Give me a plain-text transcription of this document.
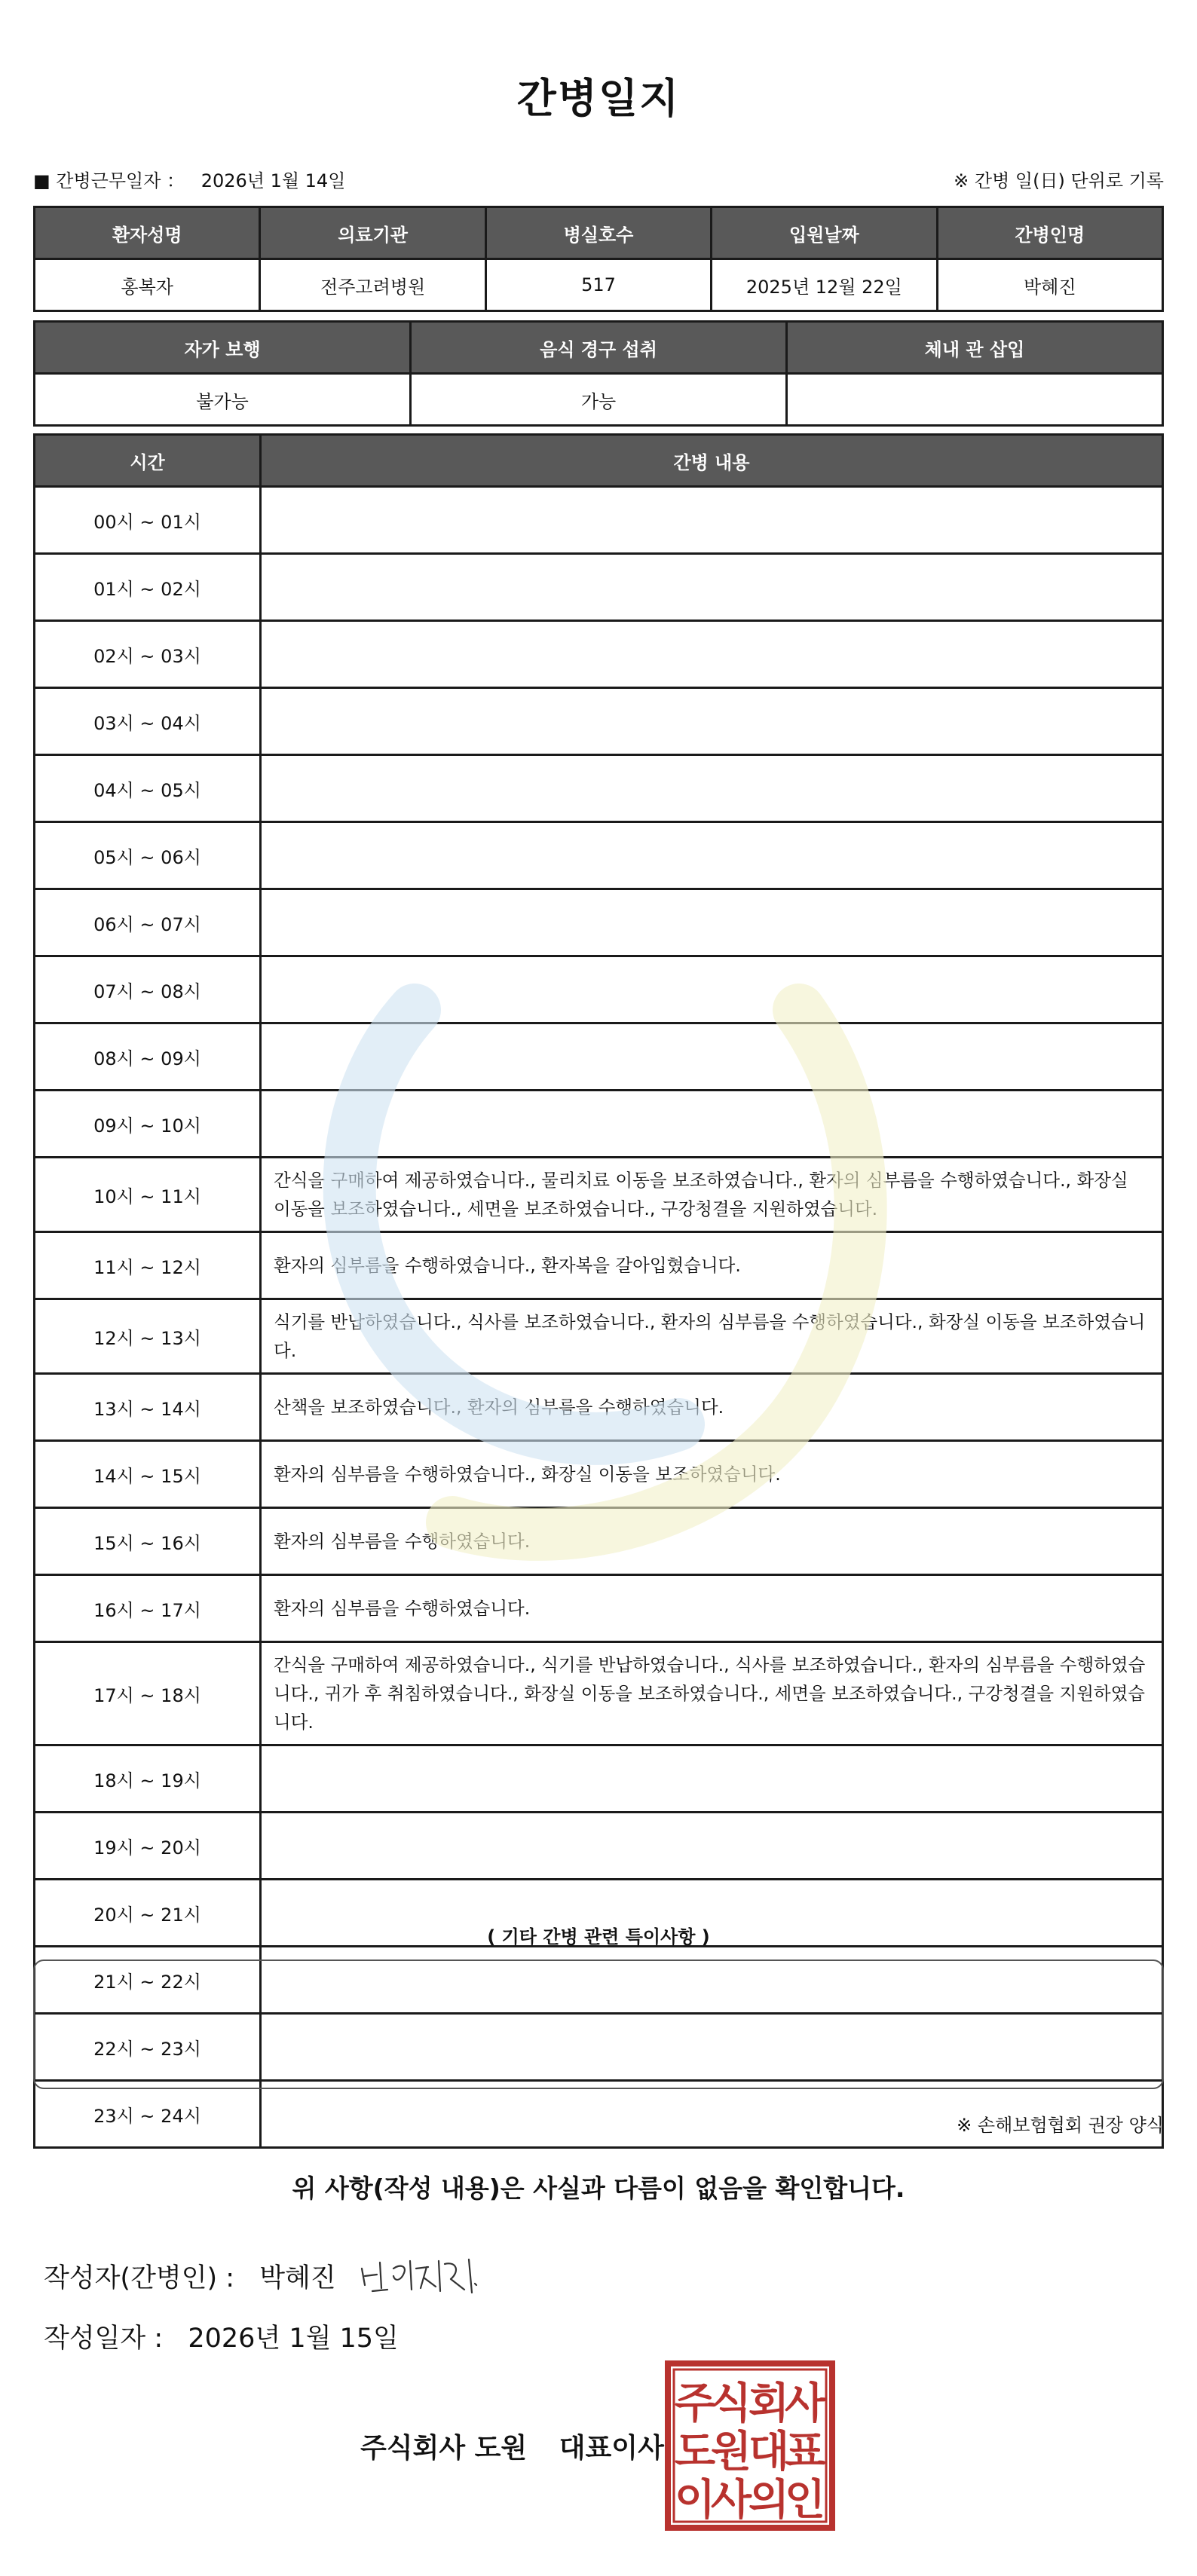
간병일지
■ 간병근무일자 ： 2026년 1월 14일	※ 간병 일(日) 단위로 기록
환자성명	의료기관	병실호수	입원날짜	간병인명
홍복자	전주고려병원	517	2025년 12월 22일	박혜진
자가 보행	음식 경구 섭취	체내 관 삽입
불가능	가능	
시간	간병 내용
00시 ~ 01시	
01시 ~ 02시	
02시 ~ 03시	
03시 ~ 04시	
04시 ~ 05시	
05시 ~ 06시	
06시 ~ 07시	
07시 ~ 08시	
08시 ~ 09시	
09시 ~ 10시	
10시 ~ 11시	간식을 구매하여 제공하였습니다., 물리치료 이동을 보조하였습니다., 환자의 심부름을 수행하였습니다., 화장실 이동을 보조하였습니다., 세면을 보조하였습니다., 구강청결을 지원하였습니다.
11시 ~ 12시	환자의 심부름을 수행하였습니다., 환자복을 갈아입혔습니다.
12시 ~ 13시	식기를 반납하였습니다., 식사를 보조하였습니다., 환자의 심부름을 수행하였습니다., 화장실 이동을 보조하였습니다.
13시 ~ 14시	산책을 보조하였습니다., 환자의 심부름을 수행하였습니다.
14시 ~ 15시	환자의 심부름을 수행하였습니다., 화장실 이동을 보조하였습니다.
15시 ~ 16시	환자의 심부름을 수행하였습니다.
16시 ~ 17시	환자의 심부름을 수행하였습니다.
17시 ~ 18시	간식을 구매하여 제공하였습니다., 식기를 반납하였습니다., 식사를 보조하였습니다., 환자의 심부름을 수행하였습니다., 귀가 후 취침하였습니다., 화장실 이동을 보조하였습니다., 세면을 보조하였습니다., 구강청결을 지원하였습니다.
18시 ~ 19시	
19시 ~ 20시	
20시 ~ 21시	
21시 ~ 22시	
22시 ~ 23시	
23시 ~ 24시	
( 기타 간병 관련 특이사항 )
※ 손해보험협회 권장 양식
위 사항(작성 내용)은 사실과 다름이 없음을 확인합니다.
작성자(간병인) : 박혜진
작성일자 : 2026년 1월 15일
주식회사 도원 대표이사
주
식
회
사
도
원
대
표
이
사
의
인
